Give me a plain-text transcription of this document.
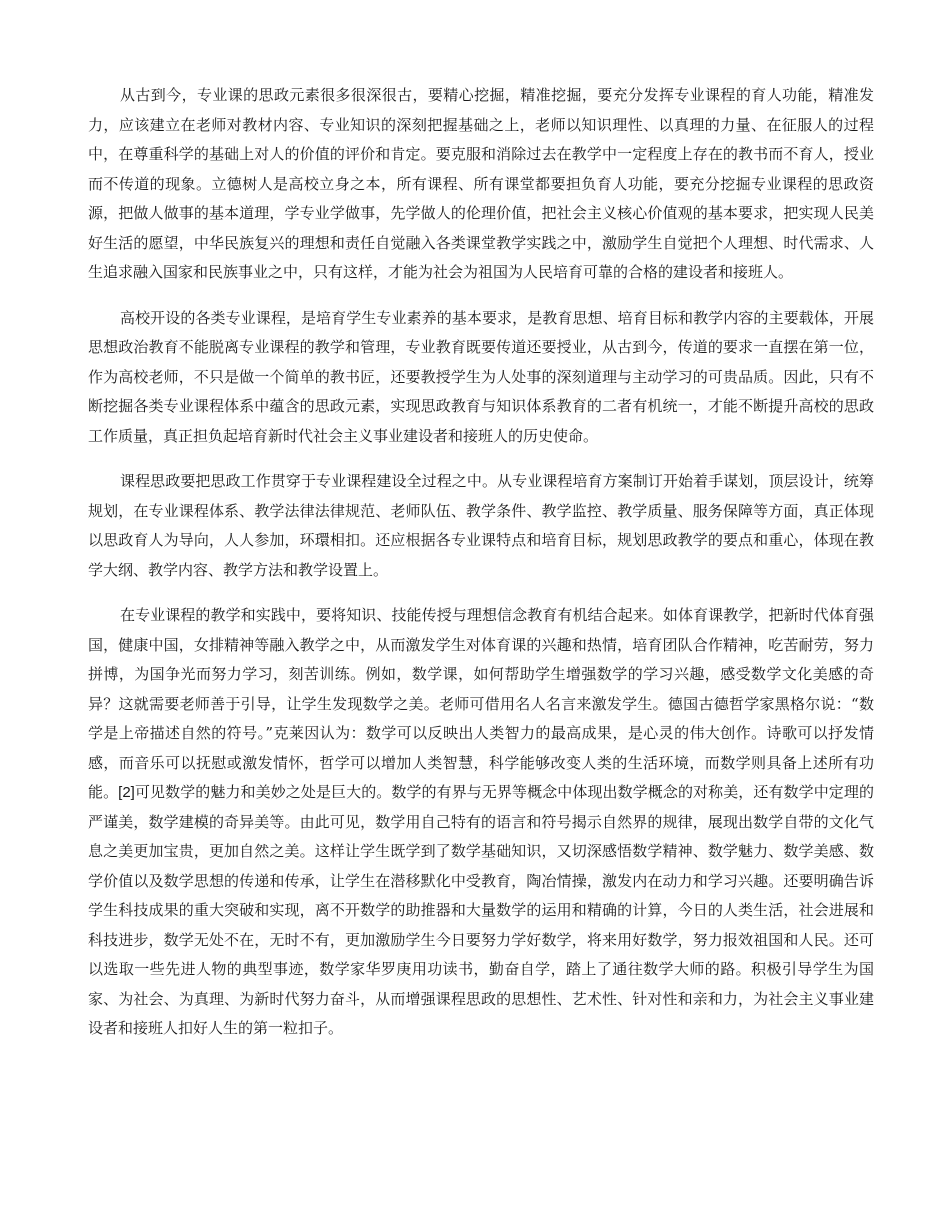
从古到今，专业课的思政元素很多很深很古，要精心挖掘，精准挖掘，要充分发挥专业课程的育人功能，精准发力，应该建立在老师对教材内容、专业知识的深刻把握基础之上，老师以知识理性、以真理的力量、在征服人的过程中，在尊重科学的基础上对人的价值的评价和肯定。要克服和消除过去在教学中一定程度上存在的教书而不育人，授业而不传道的现象。立德树人是高校立身之本，所有课程、所有课堂都要担负育人功能，要充分挖掘专业课程的思政资源，把做人做事的基本道理，学专业学做事，先学做人的伦理价值，把社会主义核心价值观的基本要求，把实现人民美好生活的愿望，中华民族复兴的理想和责任自觉融入各类课堂教学实践之中，激励学生自觉把个人理想、时代需求、人生追求融入国家和民族事业之中，只有这样，才能为社会为祖国为人民培育可靠的合格的建设者和接班人。

高校开设的各类专业课程，是培育学生专业素养的基本要求，是教育思想、培育目标和教学内容的主要载体，开展思想政治教育不能脱离专业课程的教学和管理，专业教育既要传道还要授业，从古到今，传道的要求一直摆在第一位，作为高校老师，不只是做一个简单的教书匠，还要教授学生为人处事的深刻道理与主动学习的可贵品质。因此，只有不断挖掘各类专业课程体系中蕴含的思政元素，实现思政教育与知识体系教育的二者有机统一，才能不断提升高校的思政工作质量，真正担负起培育新时代社会主义事业建设者和接班人的历史使命。

课程思政要把思政工作贯穿于专业课程建设全过程之中。从专业课程培育方案制订开始着手谋划，顶层设计，统筹规划，在专业课程体系、教学法律法律规范、老师队伍、教学条件、教学监控、教学质量、服务保障等方面，真正体现以思政育人为导向，人人参加，环環相扣。还应根据各专业课特点和培育目标，规划思政教学的要点和重心，体现在教学大纲、教学内容、教学方法和教学设置上。

在专业课程的教学和实践中，要将知识、技能传授与理想信念教育有机结合起来。如体育课教学，把新时代体育强国，健康中国，女排精神等融入教学之中，从而激发学生对体育课的兴趣和热情，培育团队合作精神，吃苦耐劳，努力拼博，为国争光而努力学习，刻苦训练。例如，数学课，如何帮助学生增强数学的学习兴趣，感受数学文化美感的奇异？这就需要老师善于引导，让学生发现数学之美。老师可借用名人名言来激发学生。德国古德哲学家黑格尔说：“数学是上帝描述自然的符号。”克莱因认为：数学可以反映出人类智力的最高成果，是心灵的伟大创作。诗歌可以抒发情感，而音乐可以抚慰或激发情怀，哲学可以增加人类智慧，科学能够改变人类的生活环境，而数学则具备上述所有功能。[2]可见数学的魅力和美妙之处是巨大的。数学的有界与无界等概念中体现出数学概念的对称美，还有数学中定理的严谨美，数学建模的奇异美等。由此可见，数学用自己特有的语言和符号揭示自然界的规律，展现出数学自带的文化气息之美更加宝贵，更加自然之美。这样让学生既学到了数学基础知识，又切深感悟数学精神、数学魅力、数学美感、数学价值以及数学思想的传递和传承，让学生在潜移默化中受教育，陶冶情操，激发内在动力和学习兴趣。还要明确告诉学生科技成果的重大突破和实现，离不开数学的助推器和大量数学的运用和精确的计算，今日的人类生活，社会进展和科技进步，数学无处不在，无时不有，更加激励学生今日要努力学好数学，将来用好数学，努力报效祖国和人民。还可以选取一些先进人物的典型事迹，数学家华罗庚用功读书，勤奋自学，踏上了通往数学大师的路。积极引导学生为国家、为社会、为真理、为新时代努力奋斗，从而增强课程思政的思想性、艺术性、针对性和亲和力，为社会主义事业建设者和接班人扣好人生的第一粒扣子。
